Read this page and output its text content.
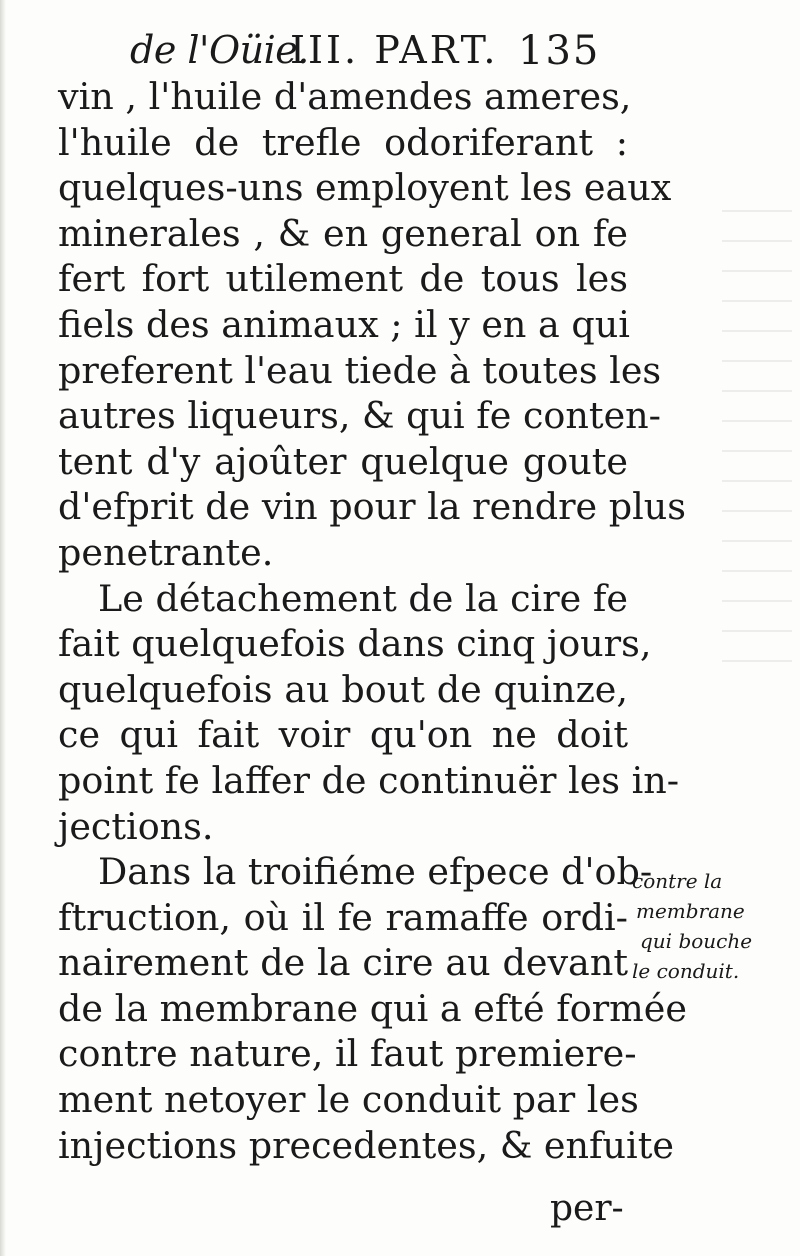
de l'Oüie.
III. PART. 135
vin , l'huile d'amendes ameres,
l'huile de trefle odoriferant :
quelques-uns employent les eaux
minerales , & en general on fe
fert fort utilement de tous les
fiels des animaux ; il y en a qui
preferent l'eau tiede à toutes les
autres liqueurs, & qui fe conten-
tent d'y ajoûter quelque goute
d'efprit de vin pour la rendre plus
penetrante.
Le détachement de la cire fe
fait quelquefois dans cinq jours,
quelquefois au bout de quinze,
ce qui fait voir qu'on ne doit
point fe laffer de continuër les in-
jections.
Dans la troifiéme efpece d'ob-
ftruction, où il fe ramaffe ordi-
nairement de la cire au devant
de la membrane qui a efté formée
contre nature, il faut premiere-
ment netoyer le conduit par les
injections precedentes, & enfuite
contre la
membrane
qui bouche
le conduit.
per-
